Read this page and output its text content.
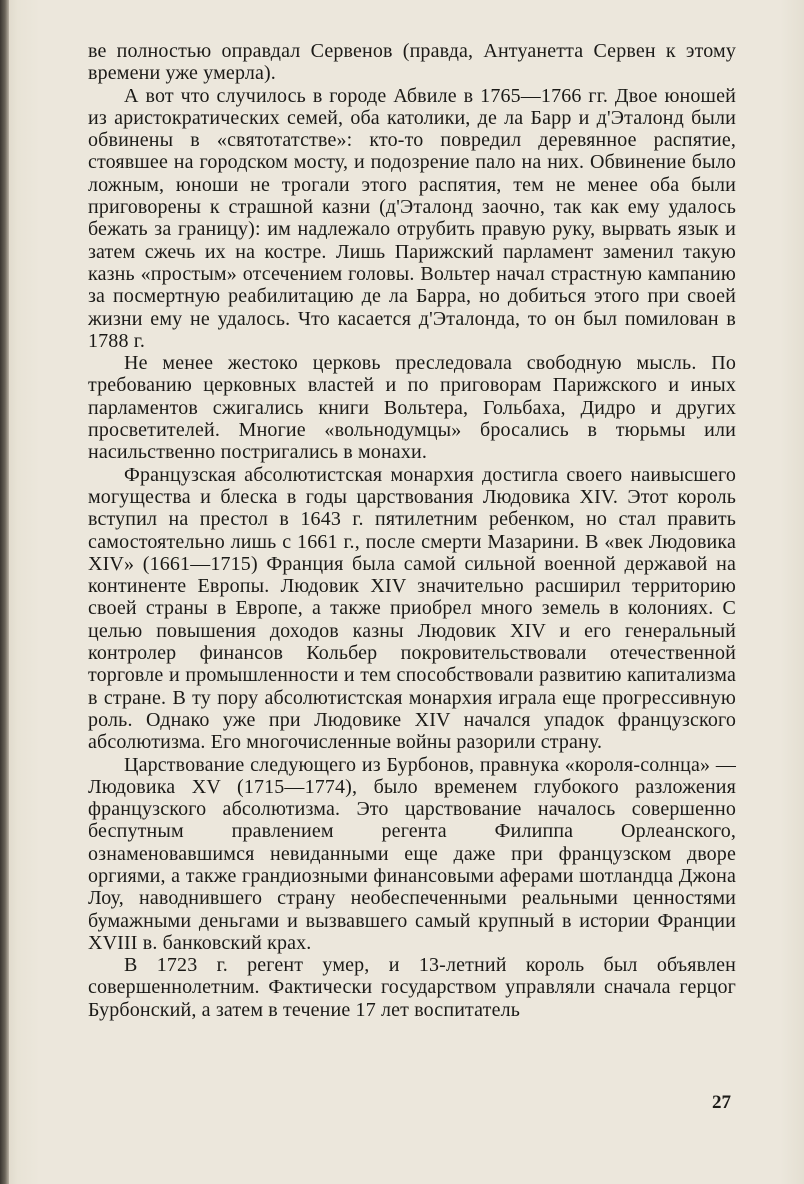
ве полностью оправдал Сервенов (правда, Антуанетта Сервен к этому времени уже умерла).

А вот что случилось в городе Абвиле в 1765—1766 гг. Двое юношей из аристократических семей, оба католики, де ла Барр и д'Эталонд были обвинены в «святотатстве»: кто-то повредил деревянное распятие, стоявшее на городском мосту, и подозрение пало на них. Обвинение было ложным, юноши не трогали этого распятия, тем не менее оба были приговорены к страшной казни (д'Эталонд заочно, так как ему удалось бежать за границу): им надлежало отрубить правую руку, вырвать язык и затем сжечь их на костре. Лишь Парижский парламент заменил такую казнь «простым» отсечением головы. Вольтер начал страстную кампанию за посмертную реабилитацию де ла Барра, но добиться этого при своей жизни ему не удалось. Что касается д'Эталонда, то он был помилован в 1788 г.

Не менее жестоко церковь преследовала свободную мысль. По требованию церковных властей и по приговорам Парижского и иных парламентов сжигались книги Вольтера, Гольбаха, Дидро и других просветителей. Многие «вольнодумцы» бросались в тюрьмы или насильственно постригались в монахи.

Французская абсолютистская монархия достигла своего наивысшего могущества и блеска в годы царствования Людовика XIV. Этот король вступил на престол в 1643 г. пятилетним ребенком, но стал править самостоятельно лишь с 1661 г., после смерти Мазарини. В «век Людовика XIV» (1661—1715) Франция была самой сильной военной державой на континенте Европы. Людовик XIV значительно расширил территорию своей страны в Европе, а также приобрел много земель в колониях. С целью повышения доходов казны Людовик XIV и его генеральный контролер финансов Кольбер покровительствовали отечественной торговле и промышленности и тем способствовали развитию капитализма в стране. В ту пору абсолютистская монархия играла еще прогрессивную роль. Однако уже при Людовике XIV начался упадок французского абсолютизма. Его многочисленные войны разорили страну.

Царствование следующего из Бурбонов, правнука «короля-солнца» — Людовика XV (1715—1774), было временем глубокого разложения французского абсолютизма. Это царствование началось совершенно беспутным правлением регента Филиппа Орлеанского, ознаменовавшимся невиданными еще даже при французском дворе оргиями, а также грандиозными финансовыми аферами шотландца Джона Лоу, наводнившего страну необеспеченными реальными ценностями бумажными деньгами и вызвавшего самый крупный в истории Франции XVIII в. банковский крах.

В 1723 г. регент умер, и 13-летний король был объявлен совершеннолетним. Фактически государством управляли сначала герцог Бурбонский, а затем в течение 17 лет воспитатель

27
